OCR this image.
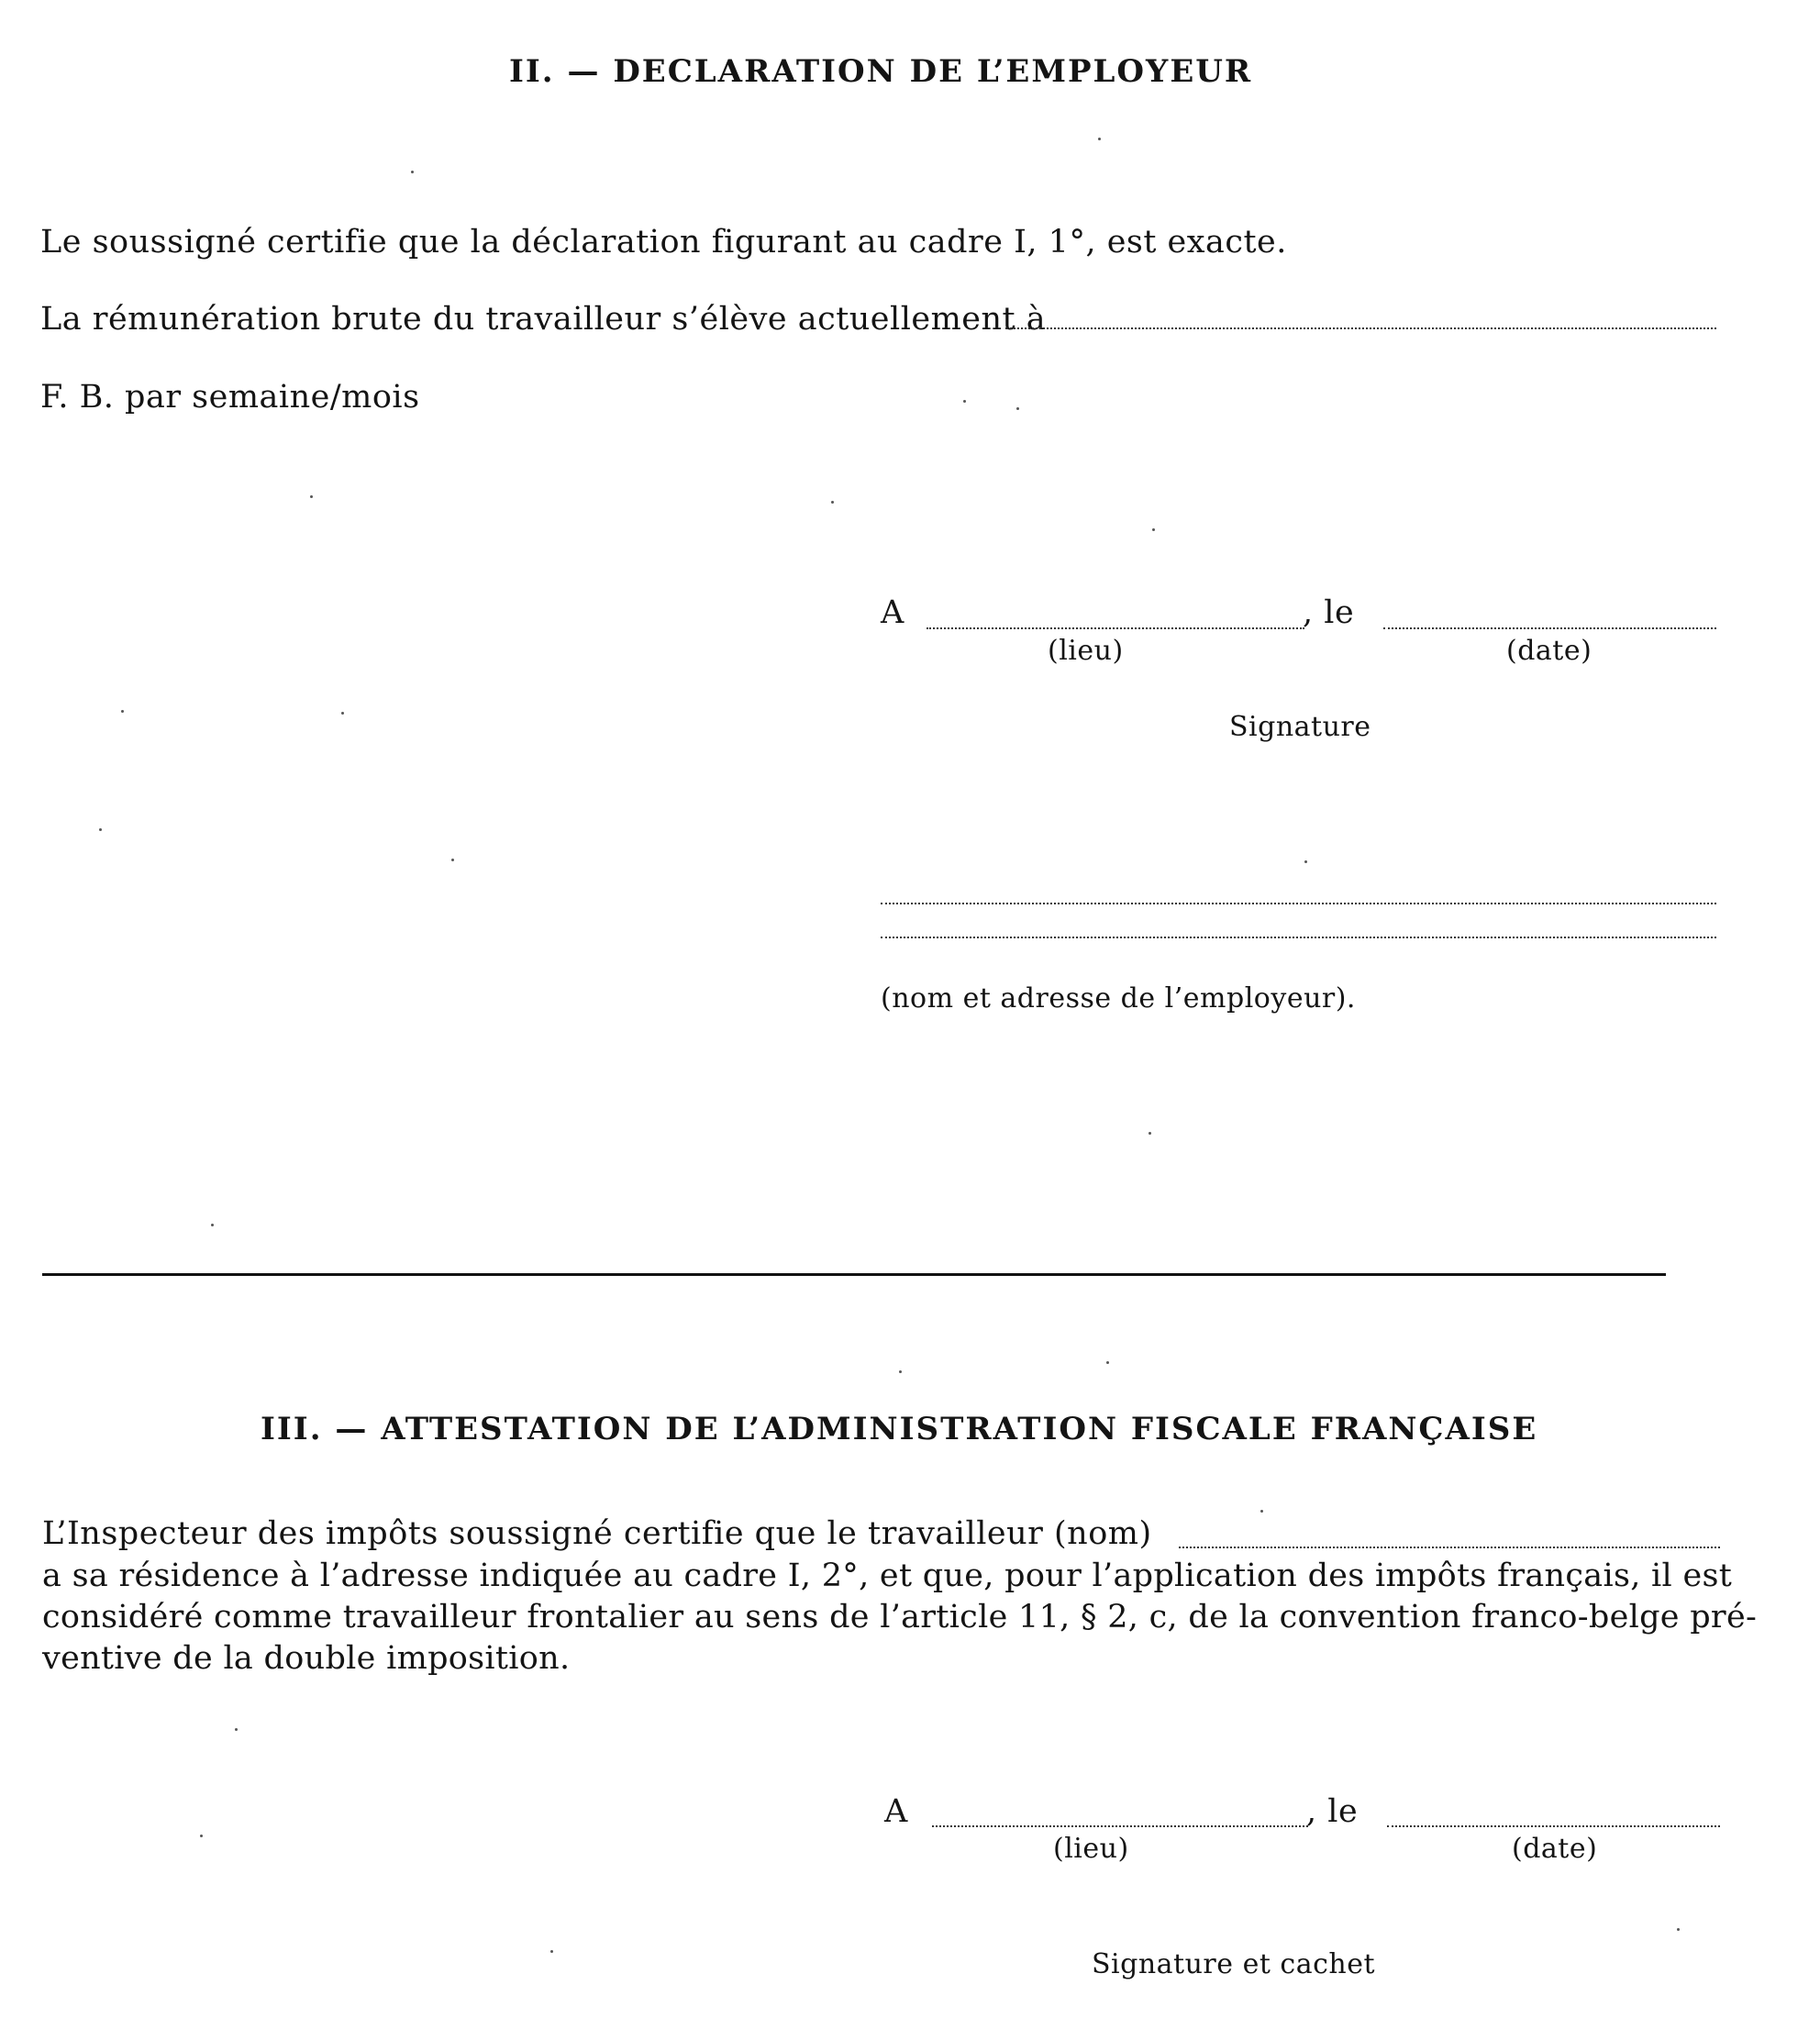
II. — DECLARATION DE L’EMPLOYEUR
Le soussigné certifie que la déclaration figurant au cadre I, 1°, est exacte.
La rémunération brute du travailleur s’élève actuellement à
F. B. par semaine/mois
A	, le
(lieu)	(date)
Signature
(nom et adresse de l’employeur).
III. — ATTESTATION DE L’ADMINISTRATION FISCALE FRANÇAISE
L’Inspecteur des impôts soussigné certifie que le travailleur (nom)
a sa résidence à l’adresse indiquée au cadre I, 2°, et que, pour l’application des impôts français, il est
considéré comme travailleur frontalier au sens de l’article 11, § 2, c, de la convention franco-belge pré-
ventive de la double imposition.
A	, le
(lieu)	(date)
Signature et cachet
